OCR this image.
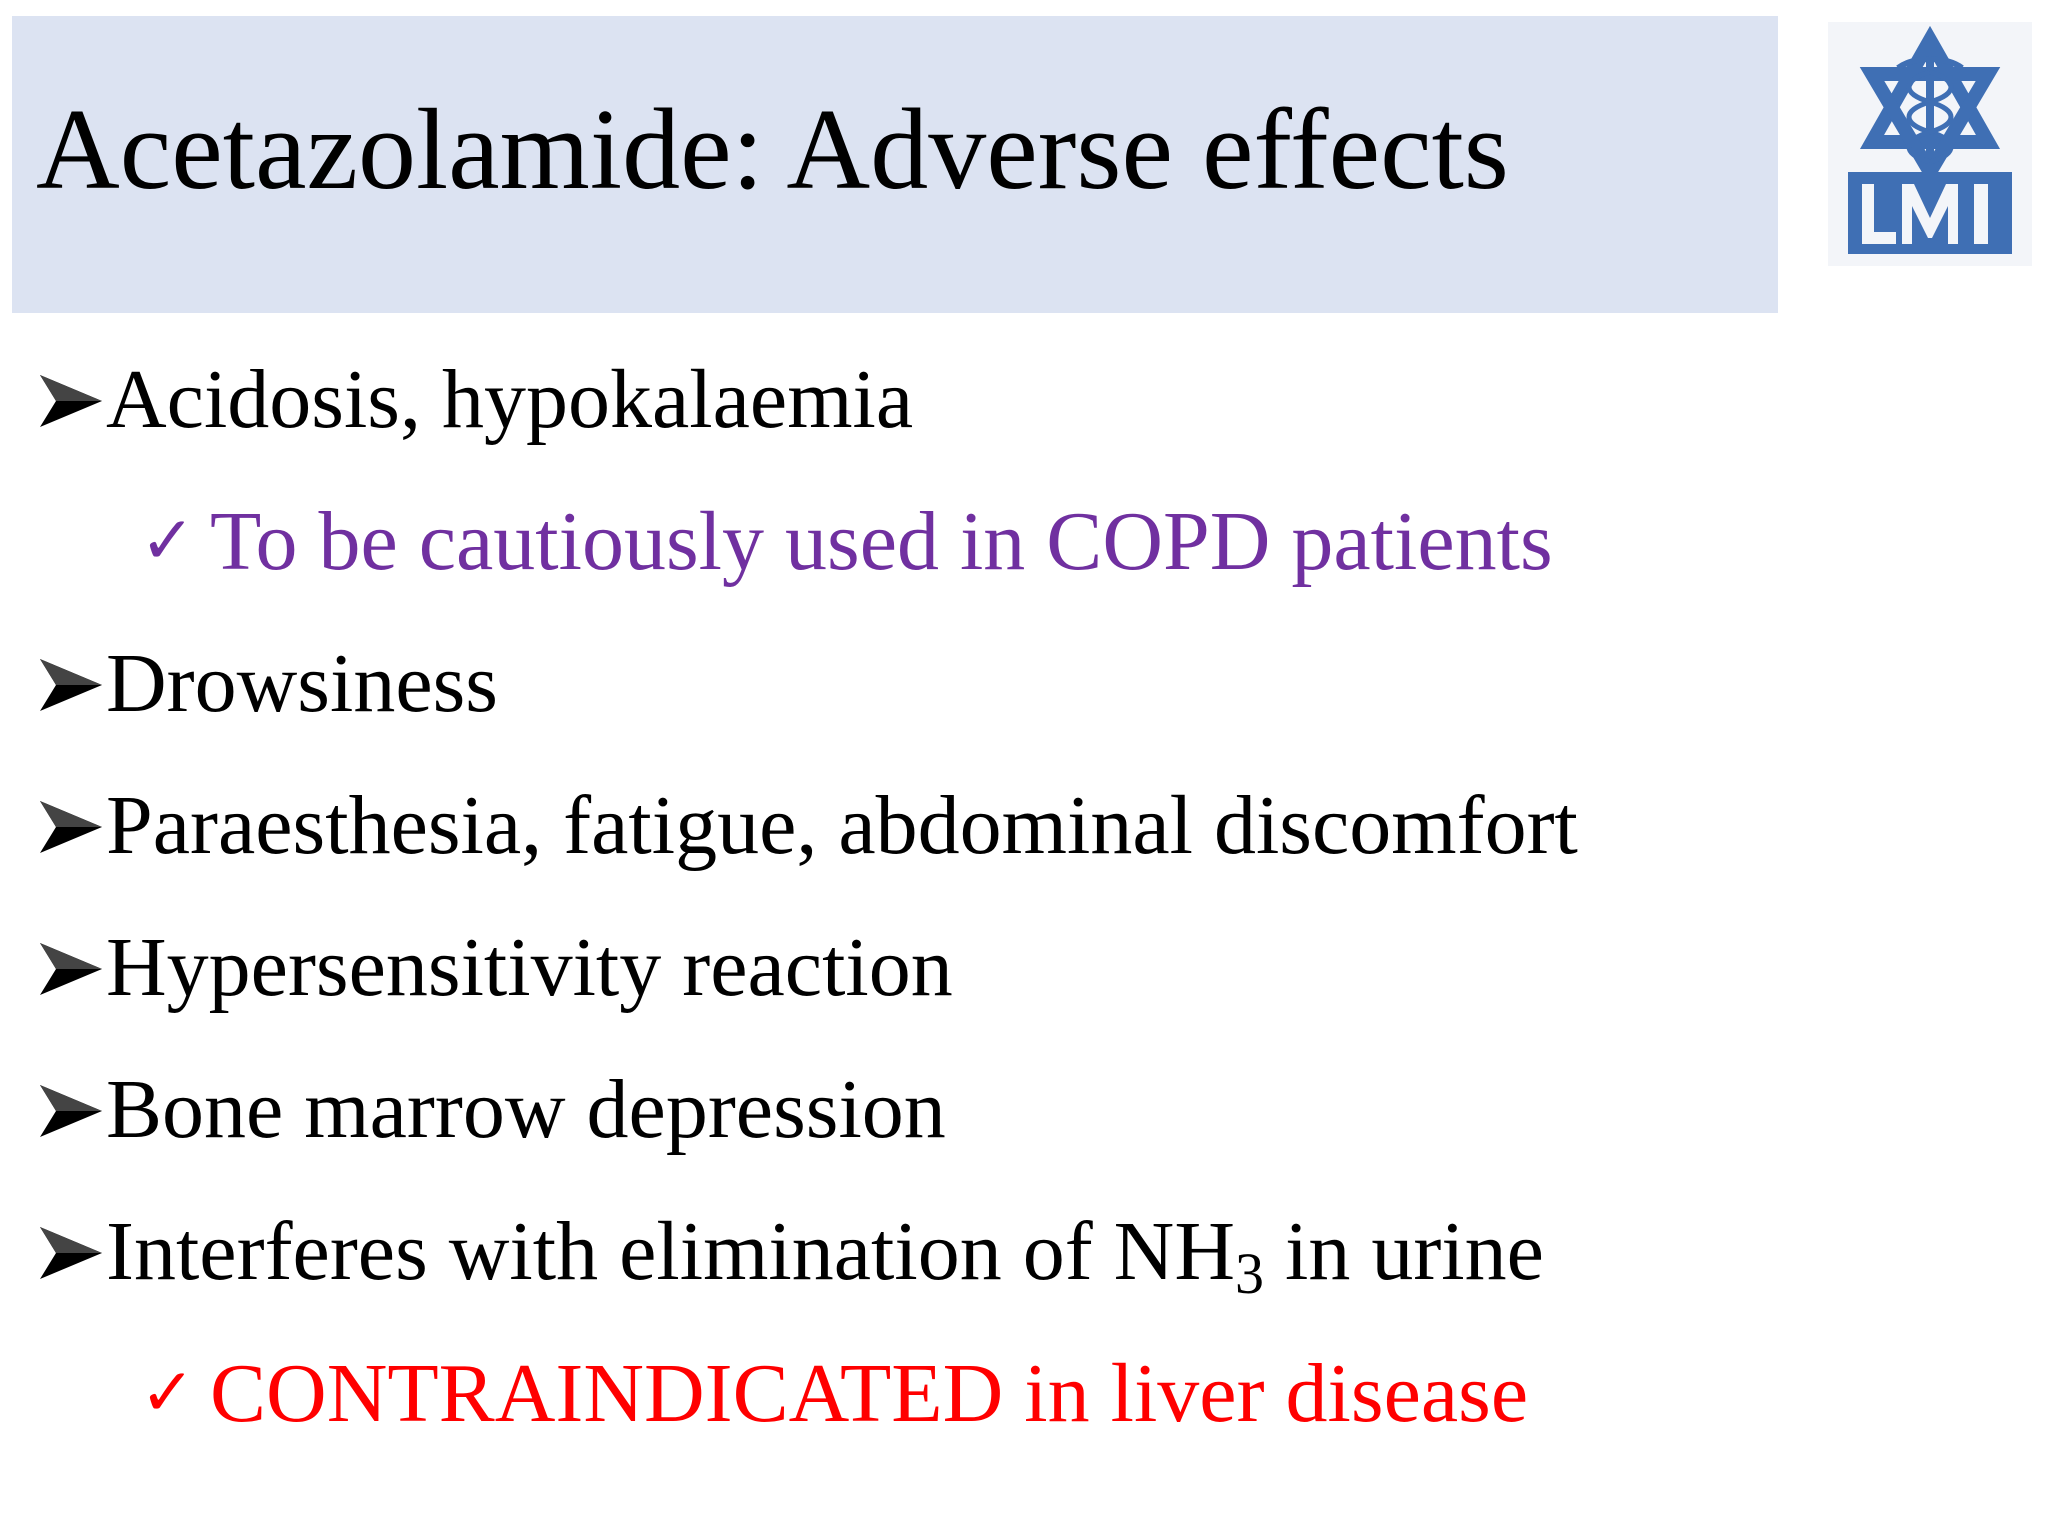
Acetazolamide: Adverse effects

Acidosis, hypokalaemia

✓ To be cautiously used in COPD patients

Drowsiness

Paraesthesia, fatigue, abdominal discomfort

Hypersensitivity reaction

Bone marrow depression

Interferes with elimination of $NH_3$ in urine

✓ CONTRAINDICATED in liver disease
